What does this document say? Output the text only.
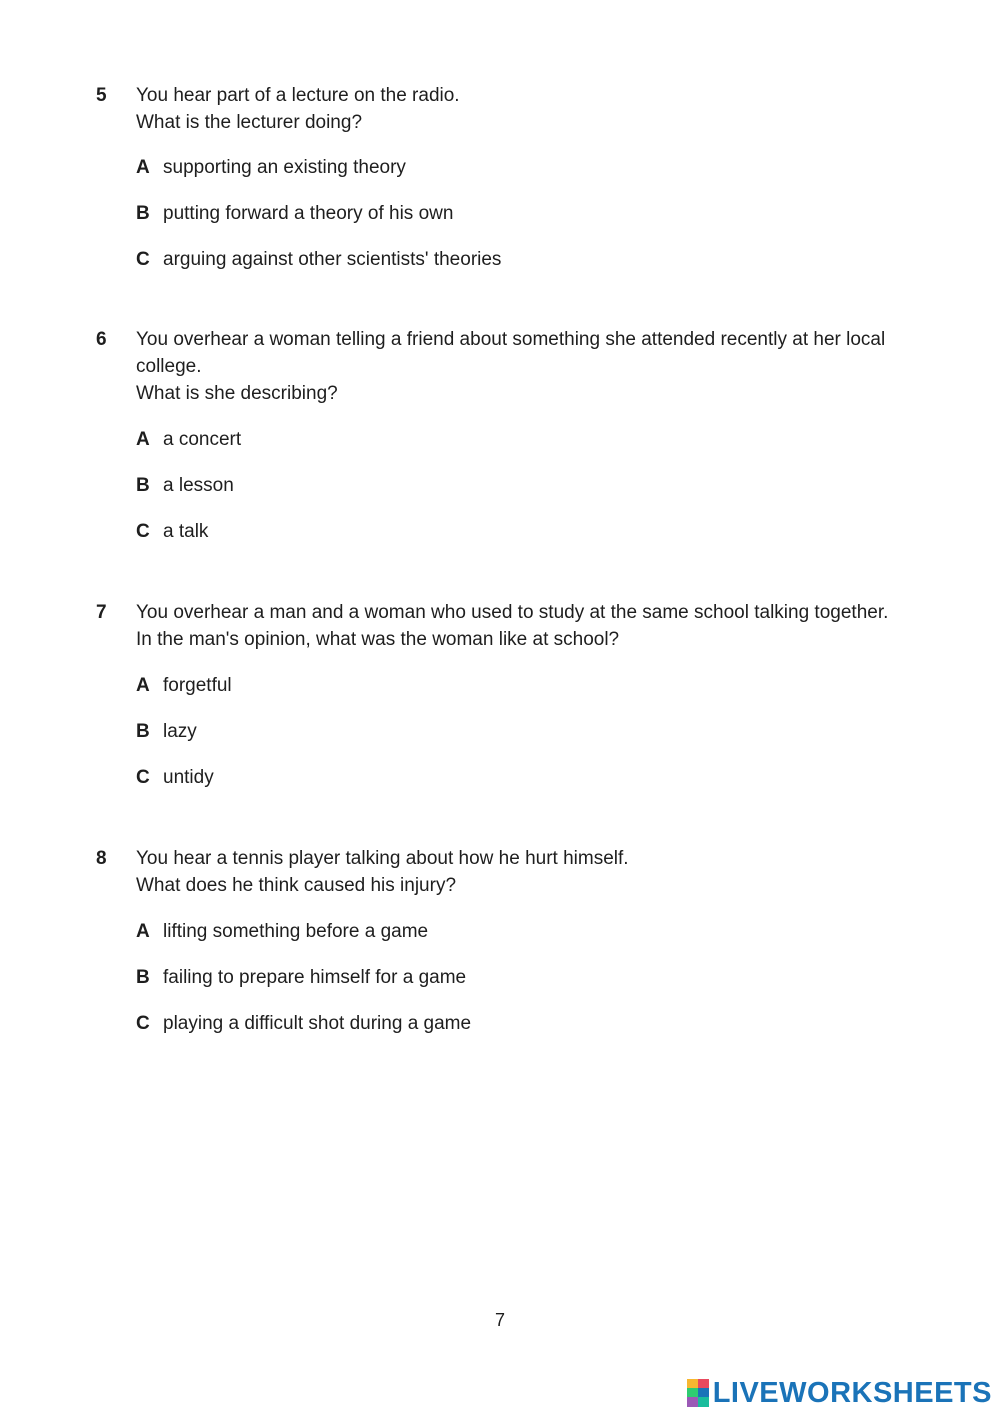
5	You hear part of a lecture on the radio.
What is the lecturer doing?
A supporting an existing theory
B putting forward a theory of his own
C arguing against other scientists' theories
6	You overhear a woman telling a friend about something she attended recently at her local
college.
What is she describing?
A a concert
B a lesson
C a talk
7	You overhear a man and a woman who used to study at the same school talking together.
In the man's opinion, what was the woman like at school?
A forgetful
B lazy
C untidy
8	You hear a tennis player talking about how he hurt himself.
What does he think caused his injury?
A lifting something before a game
B failing to prepare himself for a game
C playing a difficult shot during a game
7
LIVEWORKSHEETS
